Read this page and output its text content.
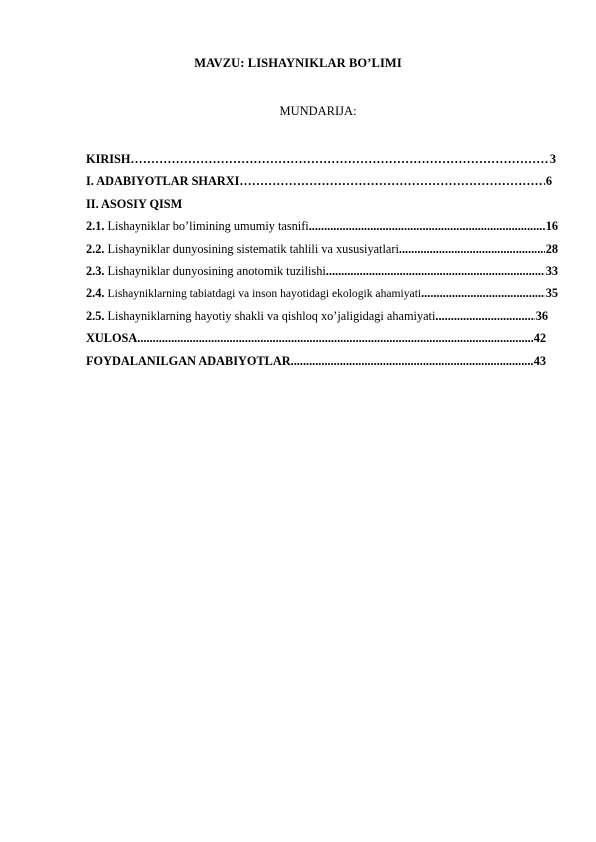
MAVZU: LISHAYNIKLAR BO’LIMI
MUNDARIJA:
KIRISH ……………………………………………………………………………………………………………………………………………………………	3
I. ADABIYOTLAR SHARXI ……………………………………………………………………………………………………………………………………………………………	6
II. ASOSIY QISM
2.1. Lishayniklar bo’limining umumiy tasnifi .....	16
2.2. Lishayniklar dunyosining sistematik tahlili va xususiyatlari .....	28
2.3. Lishayniklar dunyosining anotomik tuzilishi .....	33
2.4. Lishayniklarning tabiatdagi va inson hayotidagi ekologik ahamiyati .....	35
2.5. Lishayniklarning hayotiy shakli va qishloq xo’jaligidagi ahamiyati .....	36
XULOSA .....	42
FOYDALANILGAN ADABIYOTLAR .....	43
